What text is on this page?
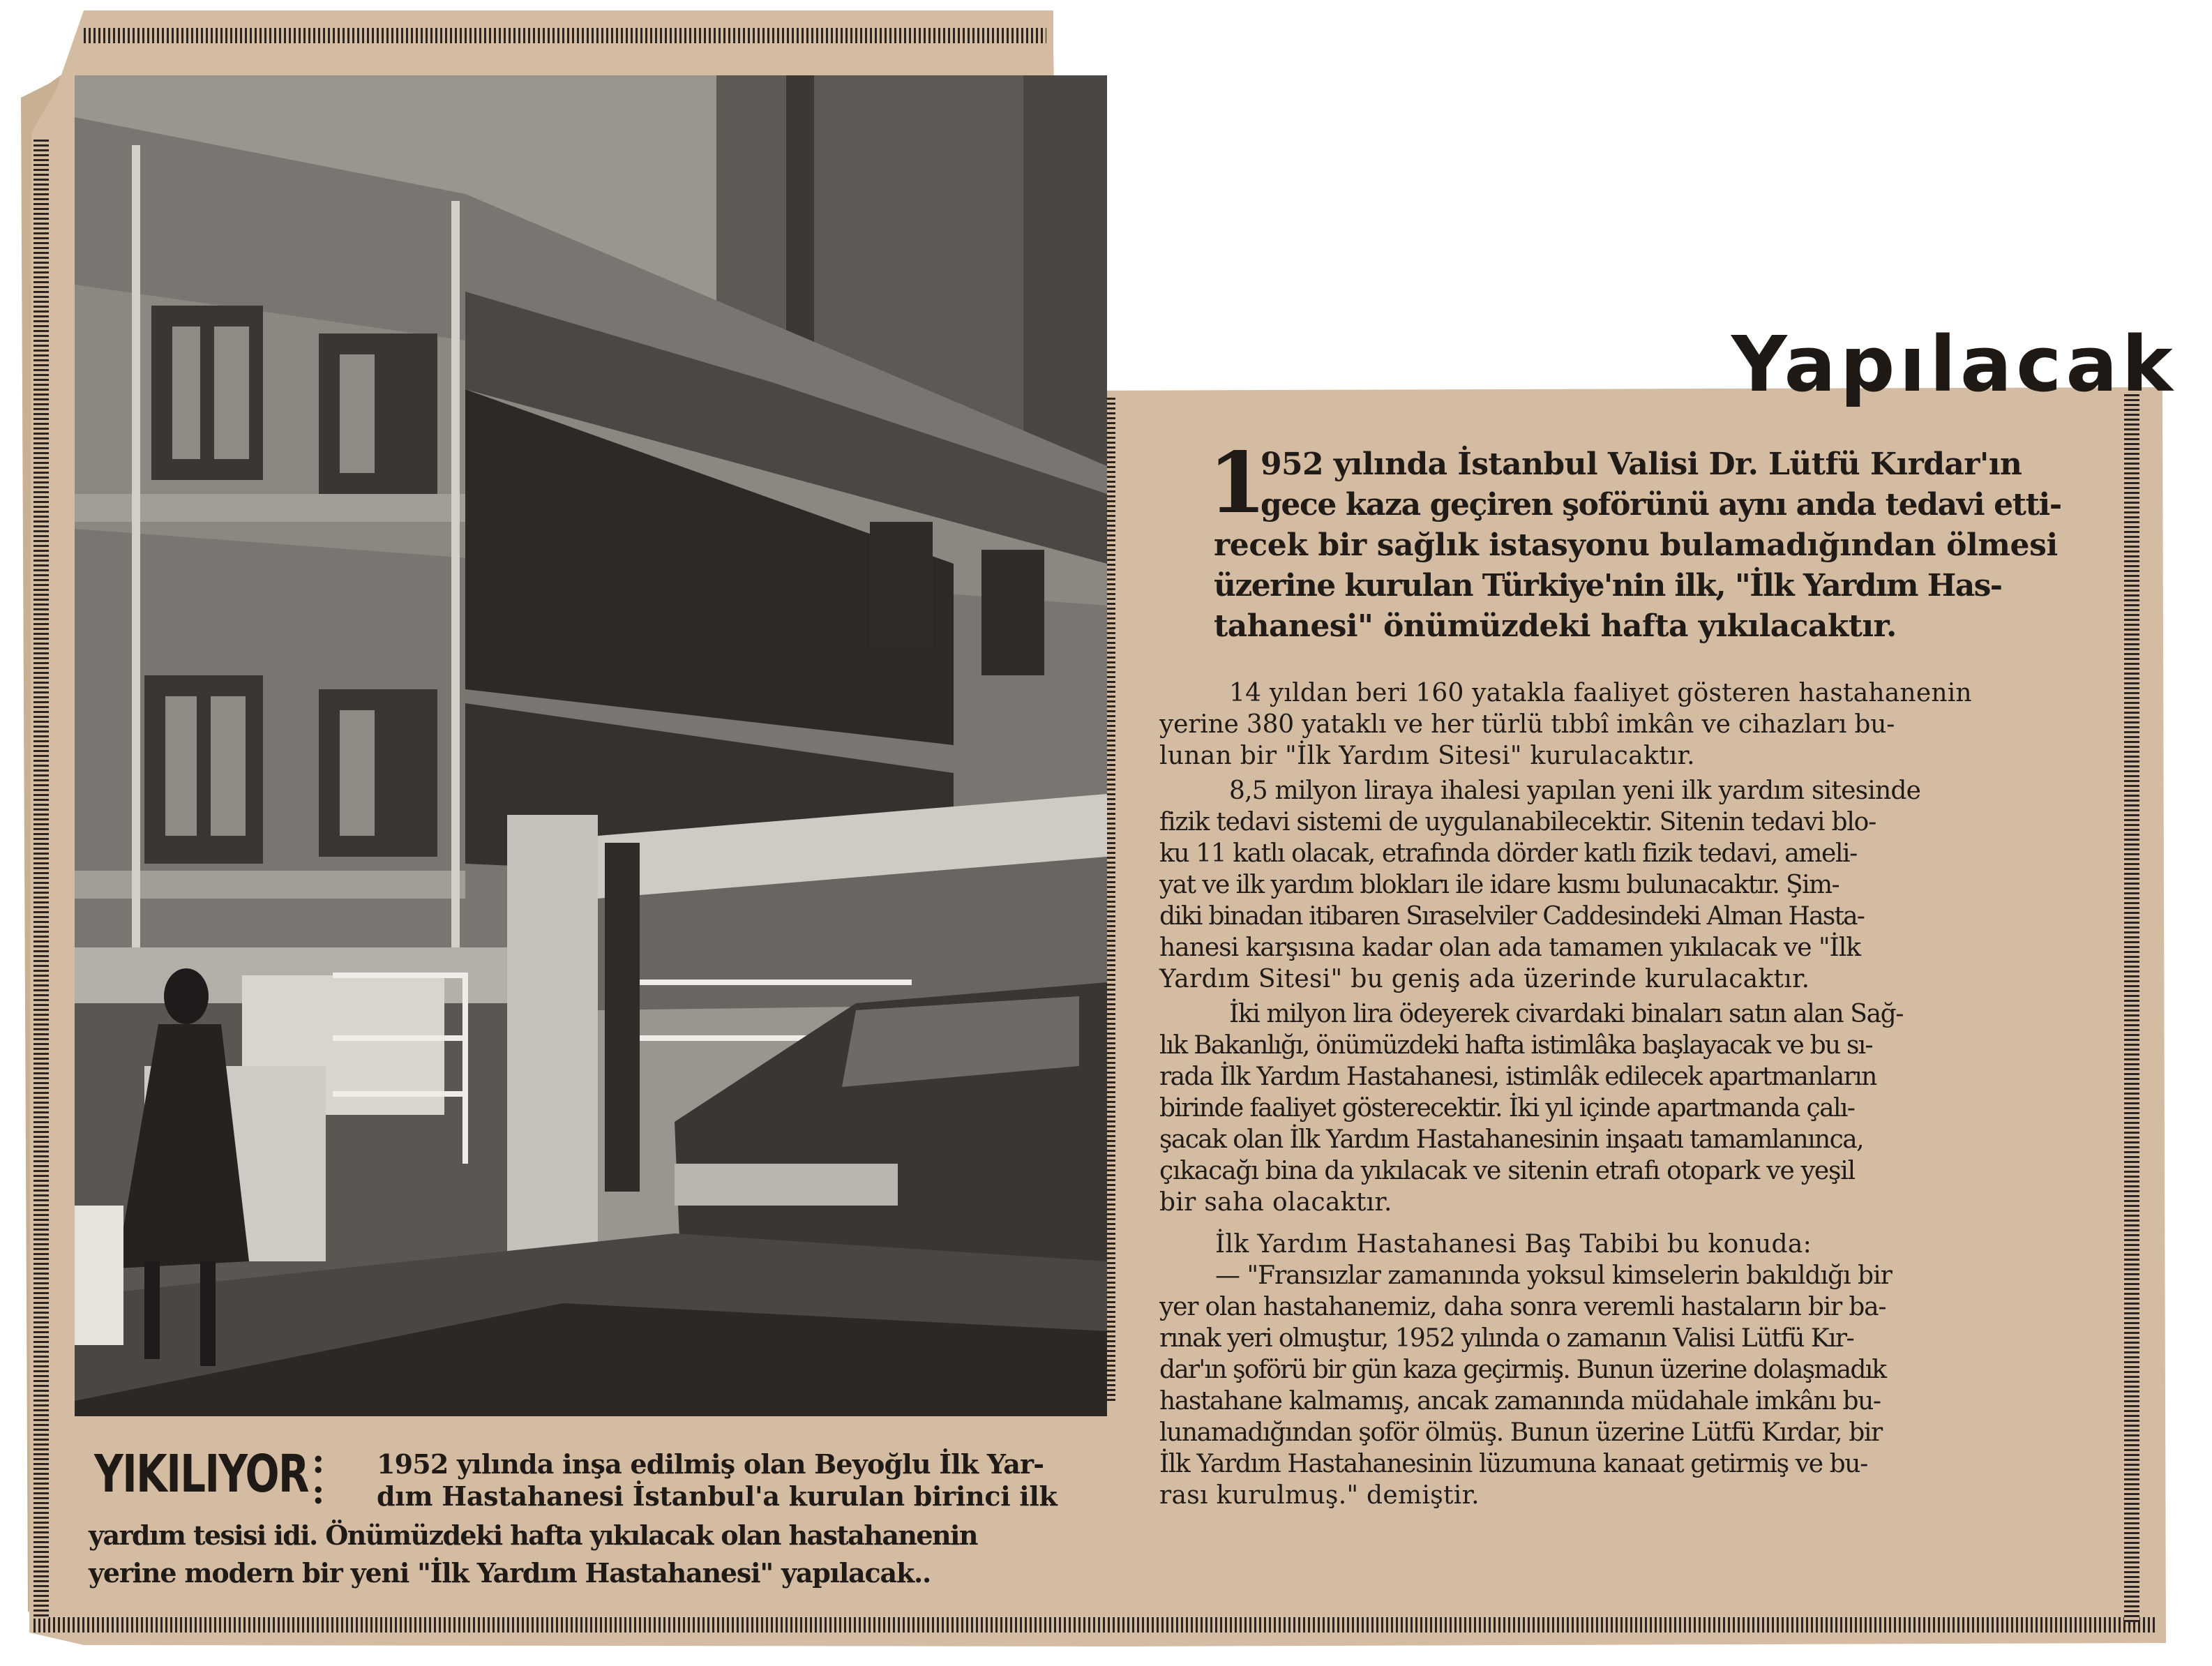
Yapılacak
YIKILIYOR :
:
1952 yılında inşa edilmiş olan Beyoğlu İlk Yar-
dım Hastahanesi İstanbul'a kurulan birinci ilk
yardım tesisi idi. Önümüzdeki hafta yıkılacak olan hastahanenin
yerine modern bir yeni "İlk Yardım Hastahanesi" yapılacak..
1
952 yılında İstanbul Valisi Dr. Lütfü Kırdar'ın
gece kaza geçiren şoförünü aynı anda tedavi etti-
recek bir sağlık istasyonu bulamadığından ölmesi
üzerine kurulan Türkiye'nin ilk, "İlk Yardım Has-
tahanesi" önümüzdeki hafta yıkılacaktır.
14 yıldan beri 160 yatakla faaliyet gösteren hastahanenin
yerine 380 yataklı ve her türlü tıbbî imkân ve cihazları bu-
lunan bir "İlk Yardım Sitesi" kurulacaktır.
8,5 milyon liraya ihalesi yapılan yeni ilk yardım sitesinde
fizik tedavi sistemi de uygulanabilecektir. Sitenin tedavi blo-
ku 11 katlı olacak, etrafında dörder katlı fizik tedavi, ameli-
yat ve ilk yardım blokları ile idare kısmı bulunacaktır. Şim-
diki binadan itibaren Sıraselviler Caddesindeki Alman Hasta-
hanesi karşısına kadar olan ada tamamen yıkılacak ve "İlk
Yardım Sitesi" bu geniş ada üzerinde kurulacaktır.
İki milyon lira ödeyerek civardaki binaları satın alan Sağ-
lık Bakanlığı, önümüzdeki hafta istimlâka başlayacak ve bu sı-
rada İlk Yardım Hastahanesi, istimlâk edilecek apartmanların
birinde faaliyet gösterecektir. İki yıl içinde apartmanda çalı-
şacak olan İlk Yardım Hastahanesinin inşaatı tamamlanınca,
çıkacağı bina da yıkılacak ve sitenin etrafı otopark ve yeşil
bir saha olacaktır.
İlk Yardım Hastahanesi Baş Tabibi bu konuda:
— "Fransızlar zamanında yoksul kimselerin bakıldığı bir
yer olan hastahanemiz, daha sonra veremli hastaların bir ba-
rınak yeri olmuştur, 1952 yılında o zamanın Valisi Lütfü Kır-
dar'ın şoförü bir gün kaza geçirmiş. Bunun üzerine dolaşmadık
hastahane kalmamış, ancak zamanında müdahale imkânı bu-
lunamadığından şoför ölmüş. Bunun üzerine Lütfü Kırdar, bir
İlk Yardım Hastahanesinin lüzumuna kanaat getirmiş ve bu-
rası kurulmuş." demiştir.
